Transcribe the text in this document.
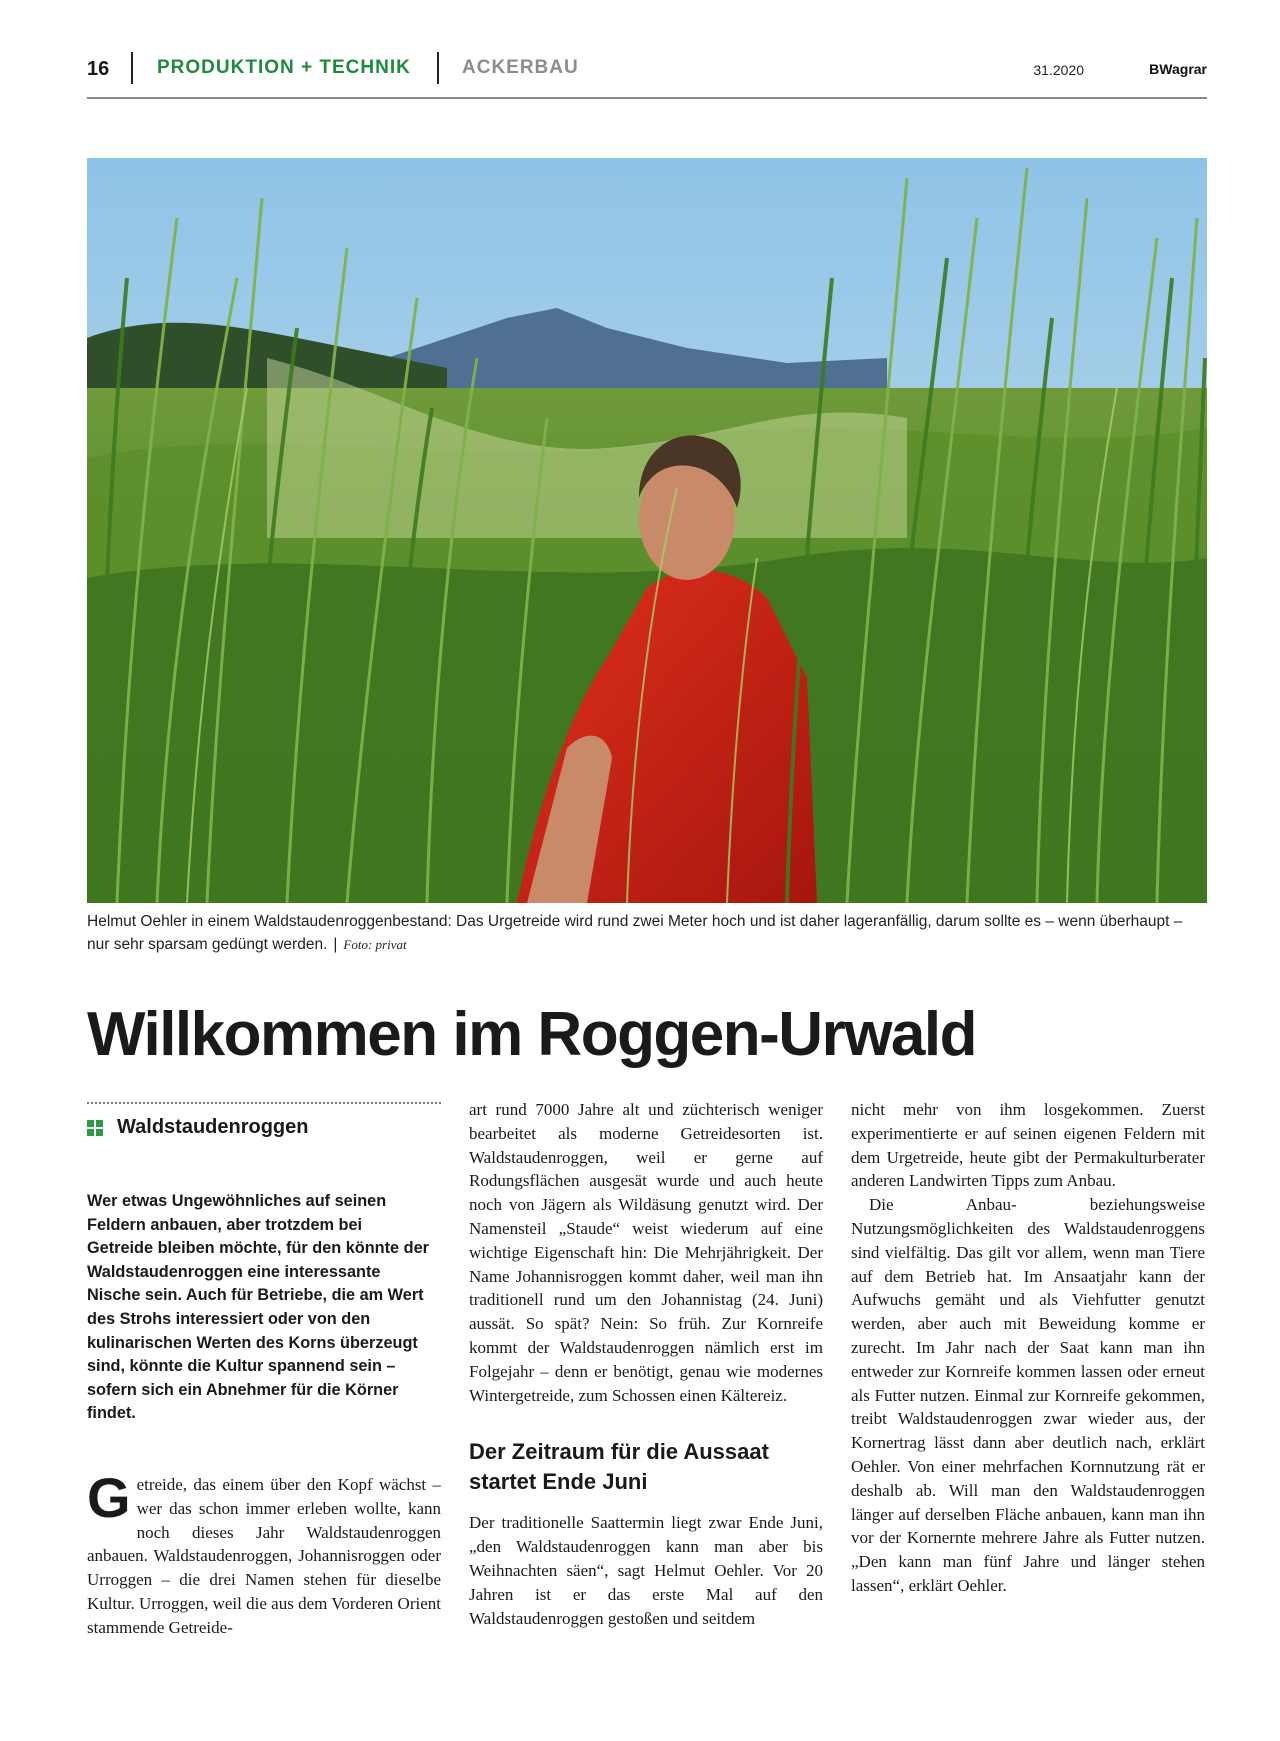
16	PRODUKTION + TECHNIK	ACKERBAU	31.2020	BWagrar
Helmut Oehler in einem Waldstaudenroggenbestand: Das Urgetreide wird rund zwei Meter hoch und ist daher lageranfällig, darum sollte es – wenn überhaupt – nur sehr sparsam gedüngt werden. | Foto: privat
Willkommen im Roggen-Urwald
Waldstaudenroggen
Wer etwas Ungewöhnliches auf seinen Feldern anbauen, aber trotzdem bei Getreide bleiben möchte, für den könnte der Waldstaudenroggen eine interessante Nische sein. Auch für Betriebe, die am Wert des Strohs interessiert oder von den kulinarischen Werten des Korns überzeugt sind, könnte die Kultur spannend sein – sofern sich ein Abnehmer für die Körner findet.
Getreide, das einem über den Kopf wächst – wer das schon immer erleben wollte, kann noch dieses Jahr Waldstaudenroggen anbauen. Waldstaudenroggen, Johannisroggen oder Urroggen – die drei Namen stehen für dieselbe Kultur. Urroggen, weil die aus dem Vorderen Orient stammende Getreide-

art rund 7000 Jahre alt und züchterisch weniger bearbeitet als moderne Getreidesorten ist. Waldstaudenroggen, weil er gerne auf Rodungsflächen ausgesät wurde und auch heute noch von Jägern als Wildäsung genutzt wird. Der Namensteil „Staude“ weist wiederum auf eine wichtige Eigenschaft hin: Die Mehrjährigkeit. Der Name Johannisroggen kommt daher, weil man ihn traditionell rund um den Johannistag (24. Juni) aussät. So spät? Nein: So früh. Zur Kornreife kommt der Waldstaudenroggen nämlich erst im Folgejahr – denn er benötigt, genau wie modernes Wintergetreide, zum Schossen einen Kältereiz.

Der Zeitraum für die Aussaat startet Ende Juni

Der traditionelle Saattermin liegt zwar Ende Juni, „den Waldstaudenroggen kann man aber bis Weihnachten säen“, sagt Helmut Oehler. Vor 20 Jahren ist er das erste Mal auf den Waldstaudenroggen gestoßen und seitdem

nicht mehr von ihm losgekommen. Zuerst experimentierte er auf seinen eigenen Feldern mit dem Urgetreide, heute gibt der Permakulturberater anderen Landwirten Tipps zum Anbau.

Die Anbau- beziehungsweise Nutzungsmöglichkeiten des Waldstaudenroggens sind vielfältig. Das gilt vor allem, wenn man Tiere auf dem Betrieb hat. Im Ansaatjahr kann der Aufwuchs gemäht und als Viehfutter genutzt werden, aber auch mit Beweidung komme er zurecht. Im Jahr nach der Saat kann man ihn entweder zur Kornreife kommen lassen oder erneut als Futter nutzen. Einmal zur Kornreife gekommen, treibt Waldstaudenroggen zwar wieder aus, der Kornertrag lässt dann aber deutlich nach, erklärt Oehler. Von einer mehrfachen Kornnutzung rät er deshalb ab. Will man den Waldstaudenroggen länger auf derselben Fläche anbauen, kann man ihn vor der Kornernte mehrere Jahre als Futter nutzen. „Den kann man fünf Jahre und länger stehen lassen“, erklärt Oehler.
